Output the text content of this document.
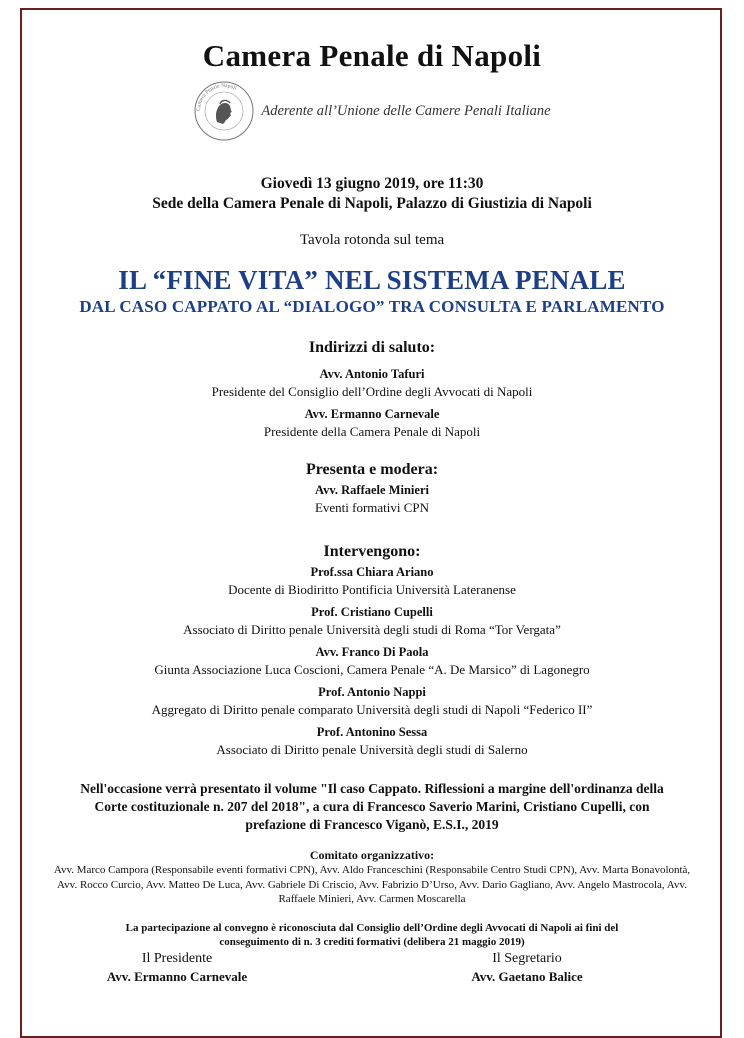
Camera Penale di Napoli
Camera Penale Napoli
Aderente all’Unione delle Camere Penali Italiane
Giovedì 13 giugno 2019, ore 11:30
Sede della Camera Penale di Napoli, Palazzo di Giustizia di Napoli
Tavola rotonda sul tema
IL “FINE VITA” NEL SISTEMA PENALE
DAL CASO CAPPATO AL “DIALOGO” TRA CONSULTA E PARLAMENTO
Indirizzi di saluto:
Avv. Antonio Tafuri
Presidente del Consiglio dell’Ordine degli Avvocati di Napoli
Avv. Ermanno Carnevale
Presidente della Camera Penale di Napoli
Presenta e modera:
Avv. Raffaele Minieri
Eventi formativi CPN
Intervengono:
Prof.ssa Chiara Ariano
Docente di Biodiritto Pontificia Università Lateranense
Prof. Cristiano Cupelli
Associato di Diritto penale Università degli studi di Roma “Tor Vergata”
Avv. Franco Di Paola
Giunta Associazione Luca Coscioni, Camera Penale “A. De Marsico” di Lagonegro
Prof. Antonio Nappi
Aggregato di Diritto penale comparato Università degli studi di Napoli “Federico II”
Prof. Antonino Sessa
Associato di Diritto penale Università degli studi di Salerno
Nell'occasione verrà presentato il volume "Il caso Cappato. Riflessioni a margine dell'ordinanza della Corte costituzionale n. 207 del 2018", a cura di Francesco Saverio Marini, Cristiano Cupelli, con prefazione di Francesco Viganò, E.S.I., 2019
Comitato organizzativo:
Avv. Marco Campora (Responsabile eventi formativi CPN), Avv. Aldo Franceschini (Responsabile Centro Studi CPN), Avv. Marta Bonavolontà, Avv. Rocco Curcio, Avv. Matteo De Luca, Avv. Gabriele Di Criscio, Avv. Fabrizio D’Urso, Avv. Dario Gagliano, Avv. Angelo Mastrocola, Avv. Raffaele Minieri, Avv. Carmen Moscarella
La partecipazione al convegno è riconosciuta dal Consiglio dell’Ordine degli Avvocati di Napoli ai fini del conseguimento di n. 3 crediti formativi (delibera 21 maggio 2019)
Il Presidente
Avv. Ermanno Carnevale
Il Segretario
Avv. Gaetano Balice
